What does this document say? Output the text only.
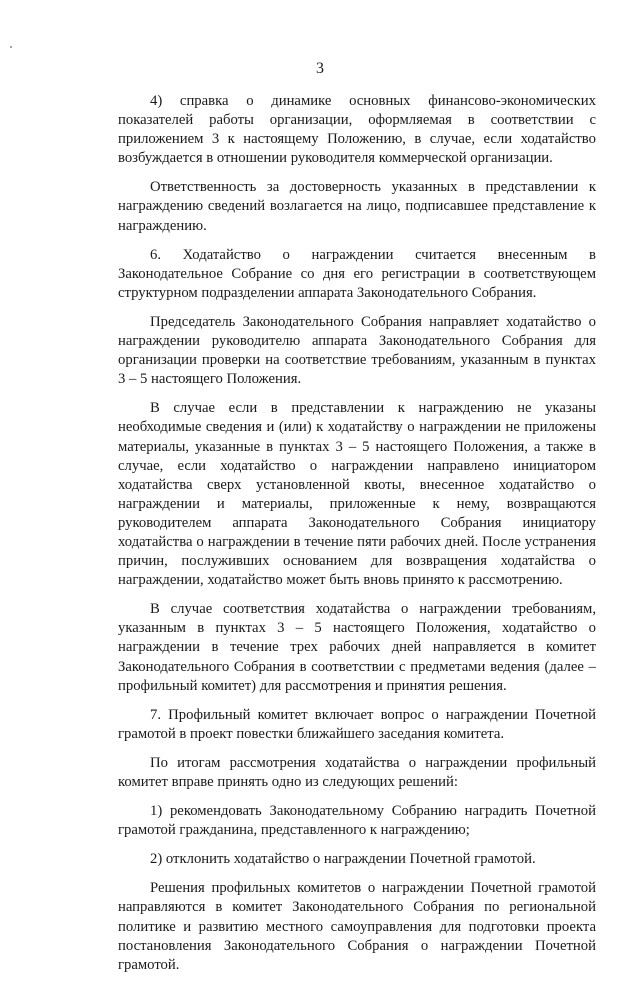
3

4) справка о динамике основных финансово-экономических показателей работы организации, оформляемая в соответствии с приложением 3 к настоящему Положению, в случае, если ходатайство возбуждается в отношении руководителя коммерческой организации.

Ответственность за достоверность указанных в представлении к награждению сведений возлагается на лицо, подписавшее представление к награждению.

6. Ходатайство о награждении считается внесенным в Законодательное Собрание со дня его регистрации в соответствующем структурном подразделении аппарата Законодательного Собрания.

Председатель Законодательного Собрания направляет ходатайство о награждении руководителю аппарата Законодательного Собрания для организации проверки на соответствие требованиям, указанным в пунктах 3 – 5 настоящего Положения.

В случае если в представлении к награждению не указаны необходимые сведения и (или) к ходатайству о награждении не приложены материалы, указанные в пунктах 3 – 5 настоящего Положения, а также в случае, если ходатайство о награждении направлено инициатором ходатайства сверх установленной квоты, внесенное ходатайство о награждении и материалы, приложенные к нему, возвращаются руководителем аппарата Законодательного Собрания инициатору ходатайства о награждении в течение пяти рабочих дней. После устранения причин, послуживших основанием для возвращения ходатайства о награждении, ходатайство может быть вновь принято к рассмотрению.

В случае соответствия ходатайства о награждении требованиям, указанным в пунктах 3 – 5 настоящего Положения, ходатайство о награждении в течение трех рабочих дней направляется в комитет Законодательного Собрания в соответствии с предметами ведения (далее – профильный комитет) для рассмотрения и принятия решения.

7. Профильный комитет включает вопрос о награждении Почетной грамотой в проект повестки ближайшего заседания комитета.

По итогам рассмотрения ходатайства о награждении профильный комитет вправе принять одно из следующих решений:

1) рекомендовать Законодательному Собранию наградить Почетной грамотой гражданина, представленного к награждению;

2) отклонить ходатайство о награждении Почетной грамотой.

Решения профильных комитетов о награждении Почетной грамотой направляются в комитет Законодательного Собрания по региональной политике и развитию местного самоуправления для подготовки проекта постановления Законодательного Собрания о награждении Почетной грамотой.
